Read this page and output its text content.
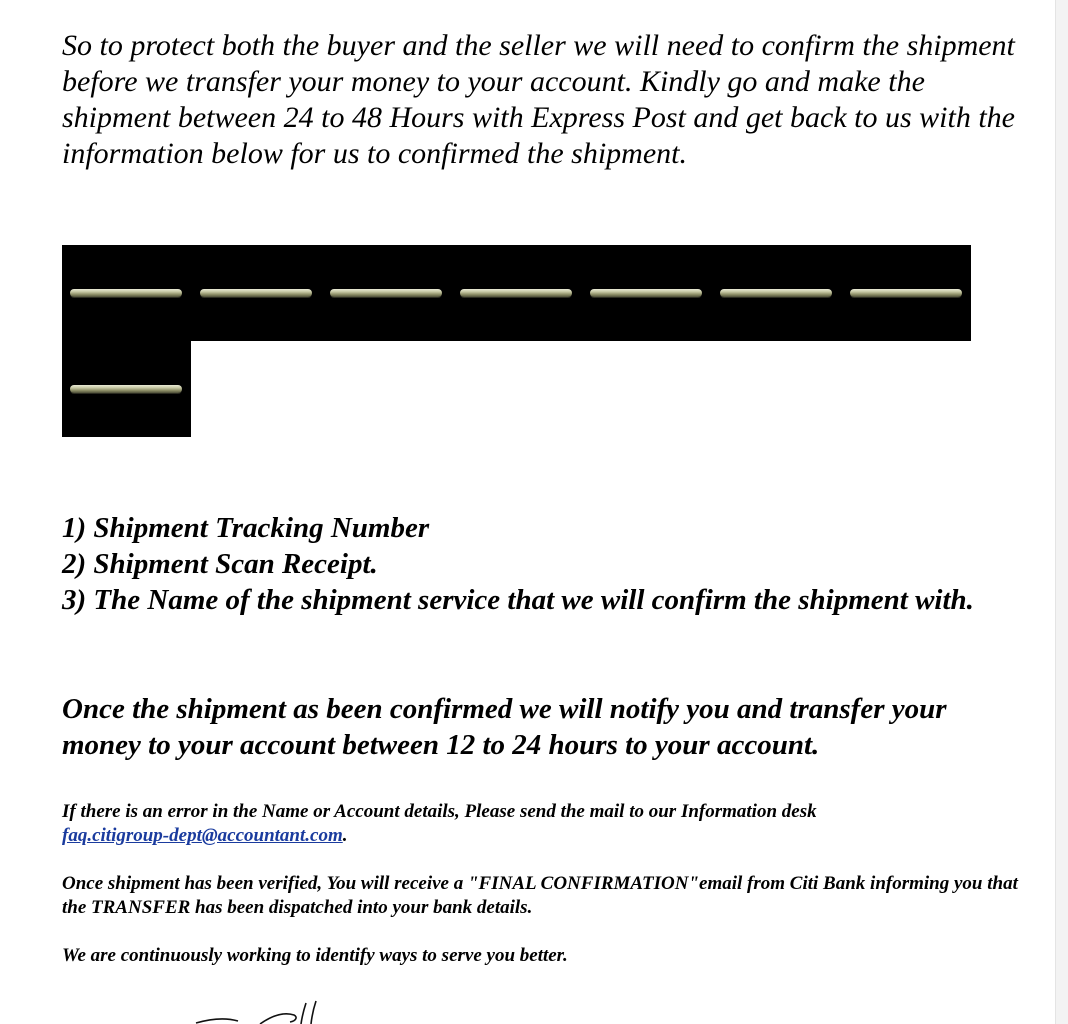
So to protect both the buyer and the seller we will need to confirm the shipment before we transfer your money to your account. Kindly go and make the shipment between 24 to 48 Hours with Express Post and get back to us with the information below for us to confirmed the shipment.

1) Shipment Tracking Number
2) Shipment Scan Receipt.
3) The Name of the shipment service that we will confirm the shipment with.

Once the shipment as been confirmed we will notify you and transfer your money to your account between 12 to 24 hours to your account.

If there is an error in the Name or Account details, Please send the mail to our Information desk
faq.citigroup-dept@accountant.com.

Once shipment has been verified, You will receive a "FINAL CONFIRMATION"email from Citi Bank informing you that the TRANSFER has been dispatched into your bank details.

We are continuously working to identify ways to serve you better.
